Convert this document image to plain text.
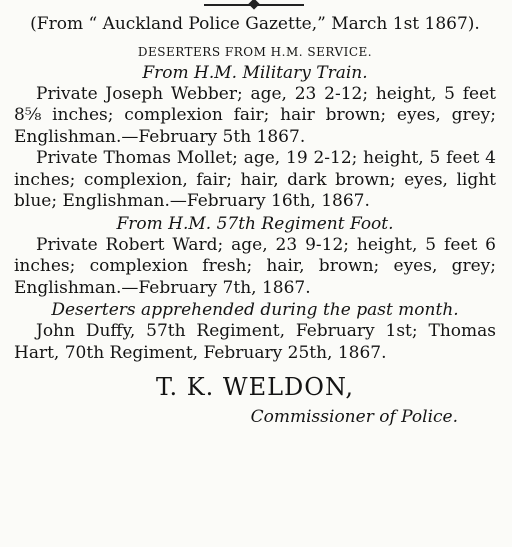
(From “ Auckland Police Gazette,” March 1st 1867).

DESERTERS FROM H.M. SERVICE.

From H.M. Military Train.

Private Joseph Webber; age, 23 2-12; height, 5 feet 8⅝ inches; complexion fair; hair brown; eyes, grey; Englishman.—February 5th 1867.

Private Thomas Mollet; age, 19 2-12; height, 5 feet 4 inches; complexion, fair; hair, dark brown; eyes, light blue; Englishman.—February 16th, 1867.

From H.M. 57th Regiment Foot.

Private Robert Ward; age, 23 9-12; height, 5 feet 6 inches; complexion fresh; hair, brown; eyes, grey; Englishman.—February 7th, 1867.

Deserters apprehended during the past month.

John Duffy, 57th Regiment, February 1st; Thomas Hart, 70th Regiment, February 25th, 1867.

T. K. WELDON,

Commissioner of Police.
